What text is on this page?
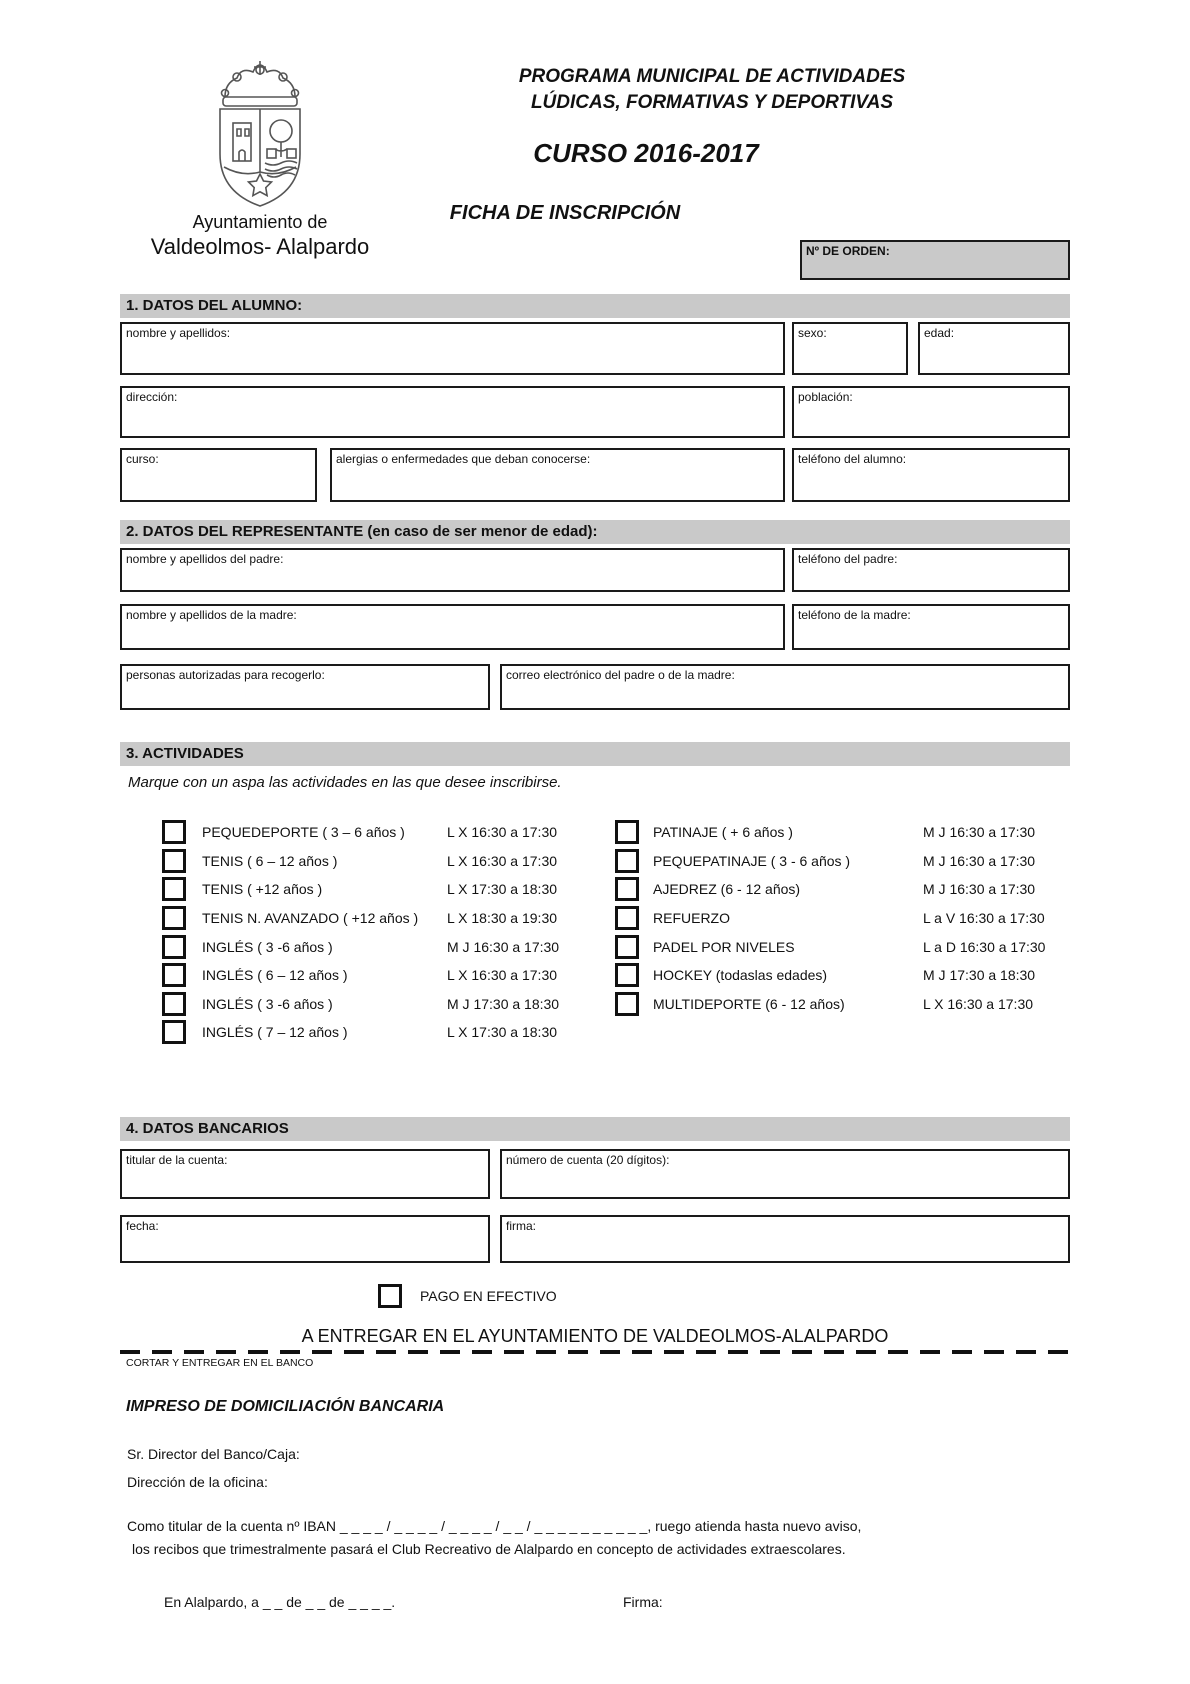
Ayuntamiento de
Valdeolmos- Alalpardo
PROGRAMA MUNICIPAL DE ACTIVIDADES
LÚDICAS, FORMATIVAS Y DEPORTIVAS
CURSO 2016-2017
FICHA DE INSCRIPCIÓN
Nº DE ORDEN:
1. DATOS DEL ALUMNO:
nombre y apellidos:	sexo:	edad:
dirección:	población:
curso:	alergias o enfermedades que deban conocerse:	teléfono del alumno:
2. DATOS DEL REPRESENTANTE (en caso de ser menor de edad):
nombre y apellidos del padre:	teléfono del padre:
nombre y apellidos de la madre:	teléfono de la madre:
personas autorizadas para recogerlo:	correo electrónico del padre o de la madre:
3. ACTIVIDADES
Marque con un aspa las actividades en las que desee inscribirse.
PEQUEDEPORTE ( 3 – 6 años )	L X 16:30 a 17:30
TENIS ( 6 – 12 años )	L X 16:30 a 17:30
TENIS ( +12 años )	L X 17:30 a 18:30
TENIS N. AVANZADO ( +12 años ) L X 18:30 a 19:30
INGLÉS ( 3 -6 años )	M J 16:30 a 17:30
INGLÉS ( 6 – 12 años )	L X 16:30 a 17:30
INGLÉS ( 3 -6 años )	M J 17:30 a 18:30
INGLÉS ( 7 – 12 años )	L X 17:30 a 18:30
PATINAJE ( + 6 años )	M J 16:30 a 17:30
PEQUEPATINAJE ( 3 - 6 años )	M J 16:30 a 17:30
AJEDREZ (6 - 12 años)	M J 16:30 a 17:30
REFUERZO	L a V 16:30 a 17:30
PADEL POR NIVELES	L a D 16:30 a 17:30
HOCKEY (todaslas edades)	M J 17:30 a 18:30
MULTIDEPORTE (6 - 12 años)	L X 16:30 a 17:30
4. DATOS BANCARIOS
titular de la cuenta:	número de cuenta (20 dígitos):
fecha:	firma:
PAGO EN EFECTIVO
A ENTREGAR EN EL AYUNTAMIENTO DE VALDEOLMOS-ALALPARDO
CORTAR Y ENTREGAR EN EL BANCO
IMPRESO DE DOMICILIACIÓN BANCARIA
Sr. Director del Banco/Caja:
Dirección de la oficina:
Como titular de la cuenta nº IBAN _ _ _ _ / _ _ _ _ / _ _ _ _ / _ _ / _ _ _ _ _ _ _ _ _ _, ruego atienda hasta nuevo aviso,
los recibos que trimestralmente pasará el Club Recreativo de Alalpardo en concepto de actividades extraescolares.
En Alalpardo, a _ _ de _ _ de _ _ _ _.	Firma:
